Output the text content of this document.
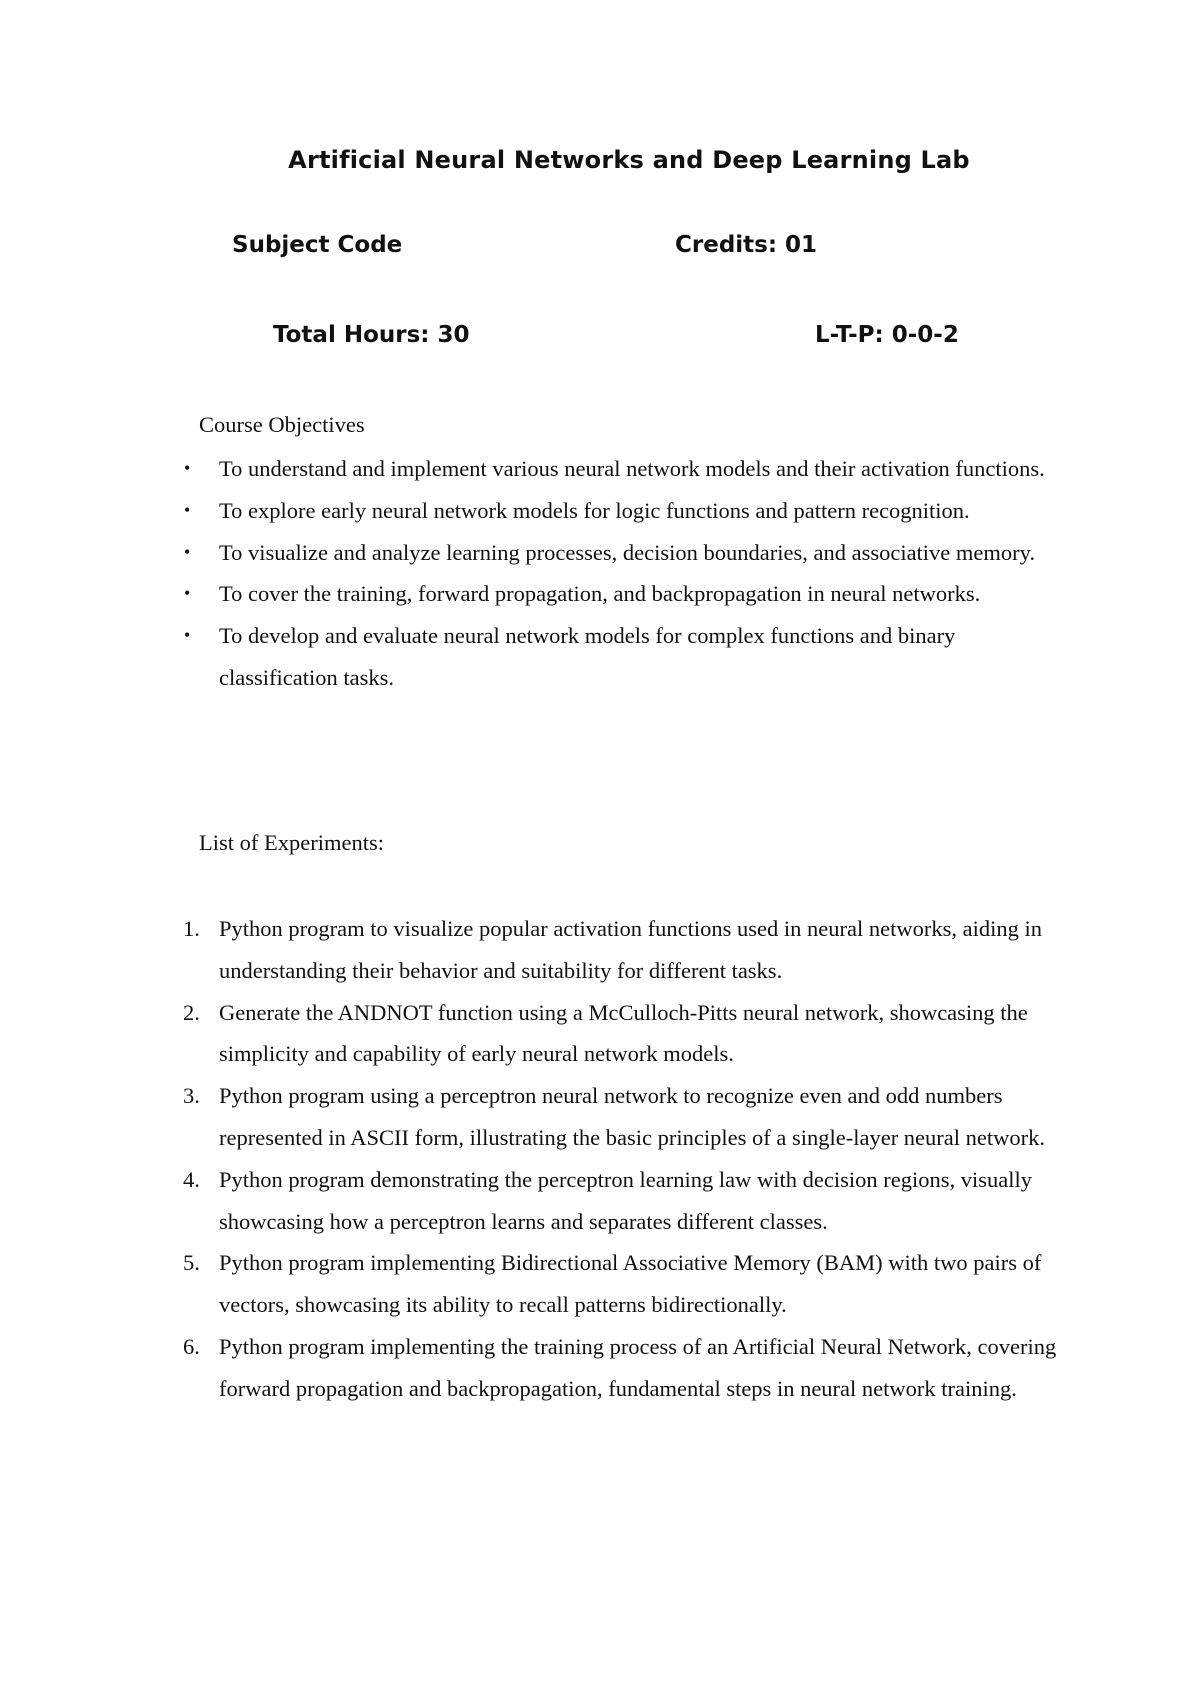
Artificial Neural Networks and Deep Learning Lab
Subject Code	Credits: 01
Total Hours: 30	L-T-P: 0-0-2
Course Objectives
• To understand and implement various neural network models and their activation functions.
• To explore early neural network models for logic functions and pattern recognition.
• To visualize and analyze learning processes, decision boundaries, and associative memory.
• To cover the training, forward propagation, and backpropagation in neural networks.
• To develop and evaluate neural network models for complex functions and binary classification tasks.
List of Experiments:
1. Python program to visualize popular activation functions used in neural networks, aiding in understanding their behavior and suitability for different tasks.
2. Generate the ANDNOT function using a McCulloch-Pitts neural network, showcasing the simplicity and capability of early neural network models.
3. Python program using a perceptron neural network to recognize even and odd numbers represented in ASCII form, illustrating the basic principles of a single-layer neural network.
4. Python program demonstrating the perceptron learning law with decision regions, visually showcasing how a perceptron learns and separates different classes.
5. Python program implementing Bidirectional Associative Memory (BAM) with two pairs of vectors, showcasing its ability to recall patterns bidirectionally.
6. Python program implementing the training process of an Artificial Neural Network, covering forward propagation and backpropagation, fundamental steps in neural network training.
